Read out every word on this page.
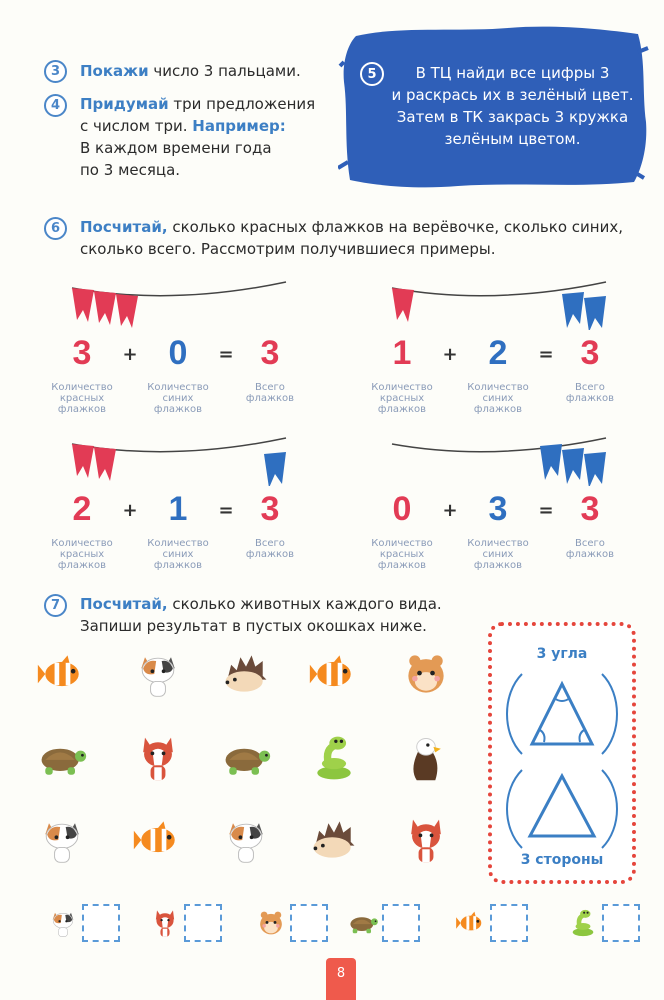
3	Покажи число 3 пальцами.
4	Придумай три предложения
с числом три. Например:
В каждом времени года
по 3 месяца.
5	В ТЦ найди все цифры 3
и раскрась их в зелёный цвет.
Затем в ТК закрась 3 кружка
зелёным цветом.
6	Посчитай, сколько красных флажков на верёвочке, сколько синих,
сколько всего. Рассмотрим получившиеся примеры.
3	+ 0	= 3
Количество красных флажков
Количество синих флажков
Всего флажков
1	+ 2	= 3
Количество красных флажков
Количество синих флажков
Всего флажков
2	+ 1	= 3
Количество красных флажков
Количество синих флажков
Всего флажков
0	+ 3	= 3
Количество красных флажков
Количество синих флажков
Всего флажков
7	Посчитай, сколько животных каждого вида.
Запиши результат в пустых окошках ниже.
3 угла
3 стороны
8
